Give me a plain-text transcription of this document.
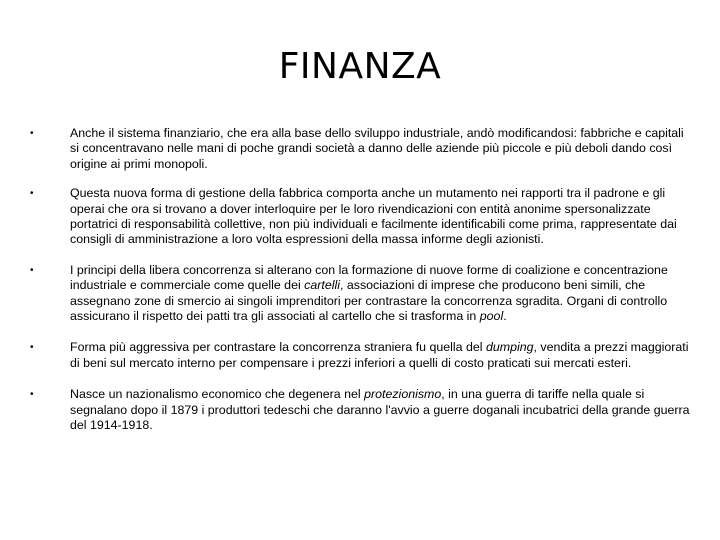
FINANZA
•	Anche il sistema finanziario, che era alla base dello sviluppo industriale, andò modificandosi: fabbriche e capitali si concentravano nelle mani di poche grandi società a danno delle aziende più piccole e più deboli dando così origine ai primi monopoli.
•	Questa nuova forma di gestione della fabbrica comporta anche un mutamento nei rapporti tra il padrone e gli operai che ora si trovano a dover interloquire per le loro rivendicazioni con entità anonime spersonalizzate portatrici di responsabilità collettive, non più individuali e facilmente identificabili come prima, rappresentate dai consigli di amministrazione a loro volta espressioni della massa informe degli azionisti.
•	I principi della libera concorrenza si alterano con la formazione di nuove forme di coalizione e concentrazione industriale e commerciale come quelle dei cartelli, associazioni di imprese che producono beni simili, che assegnano zone di smercio ai singoli imprenditori per contrastare la concorrenza sgradita. Organi di controllo assicurano il rispetto dei patti tra gli associati al cartello che si trasforma in pool.
•	Forma più aggressiva per contrastare la concorrenza straniera fu quella del dumping, vendita a prezzi maggiorati di beni sul mercato interno per compensare i prezzi inferiori a quelli di costo praticati sui mercati esteri.
•	Nasce un nazionalismo economico che degenera nel protezionismo, in una guerra di tariffe nella quale si segnalano dopo il 1879 i produttori tedeschi che daranno l'avvio a guerre doganali incubatrici della grande guerra del 1914-1918.
